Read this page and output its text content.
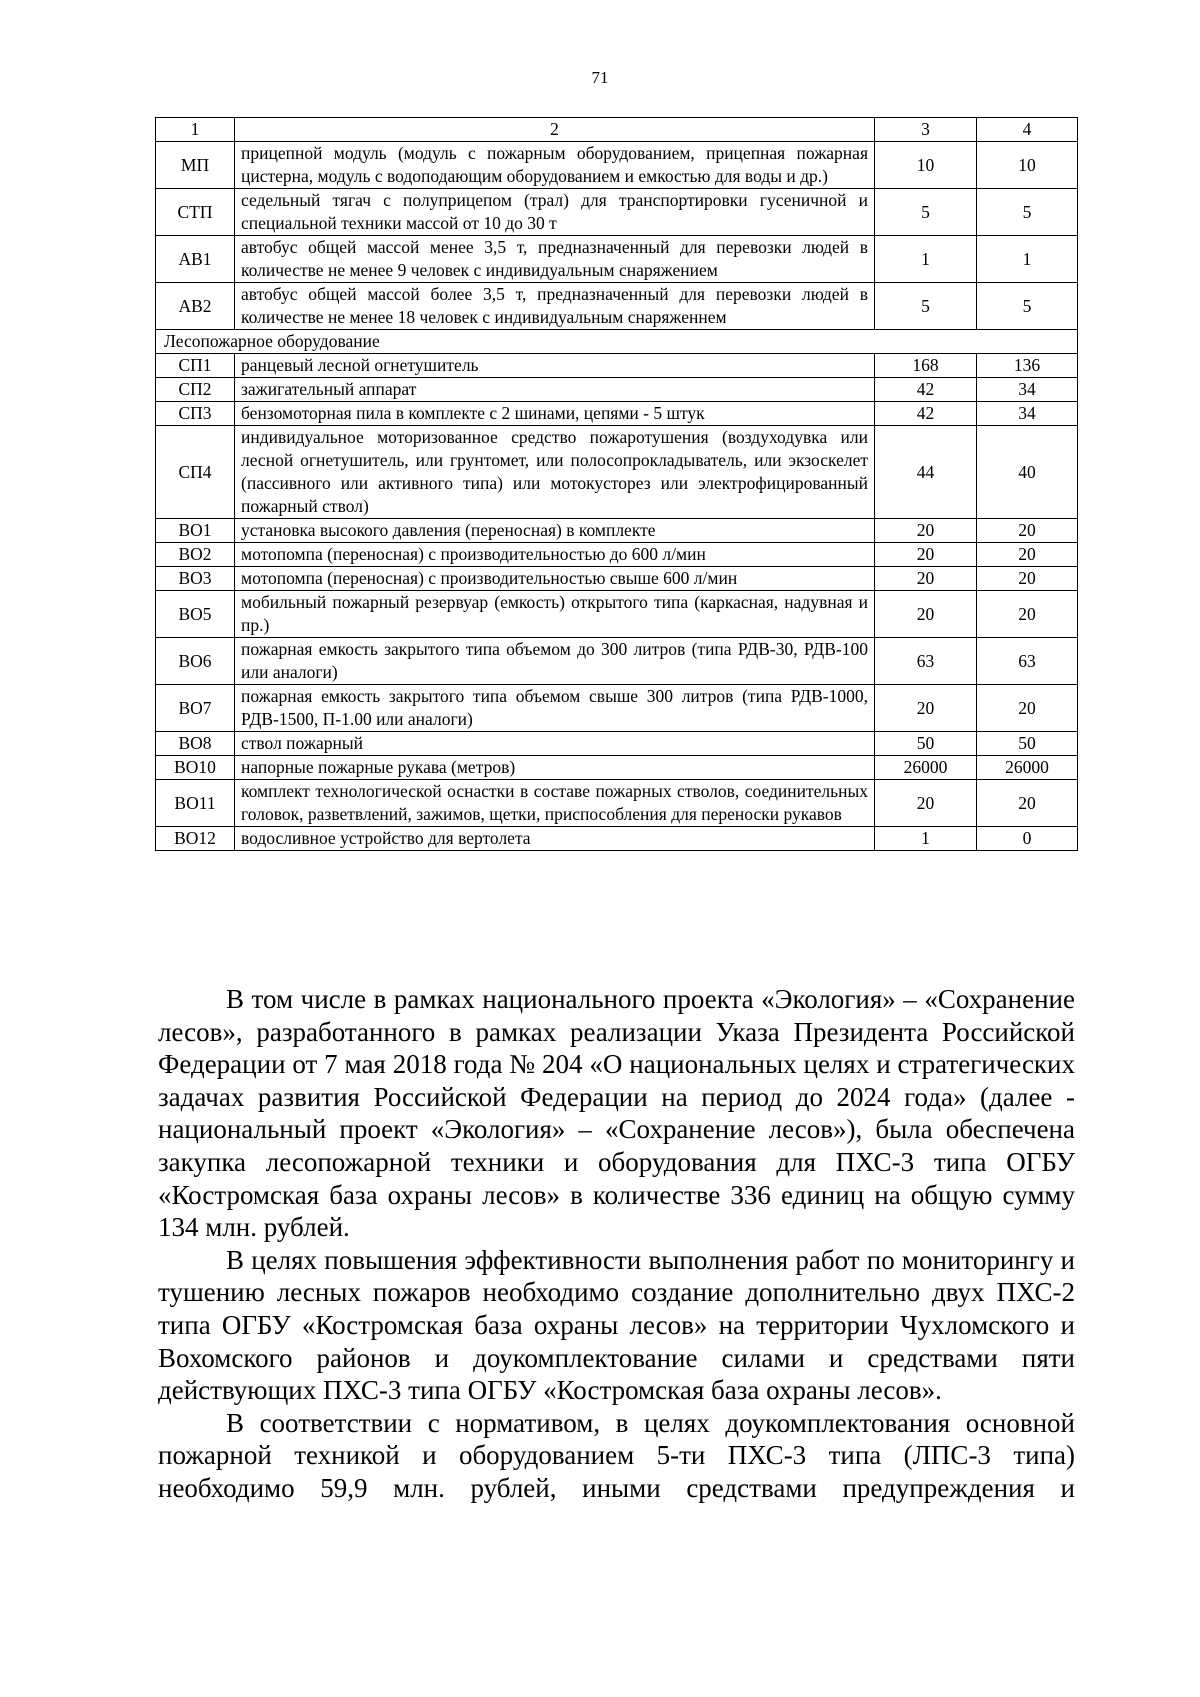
71
1	2	3	4
МП	прицепной модуль (модуль с пожарным оборудованием, прицепная пожарная цистерна, модуль с водоподающим оборудованием и емкостью для воды и др.)	10	10
СТП	седельный тягач с полуприцепом (трал) для транспортировки гусеничной и специальной техники массой от 10 до 30 т	5	5
АВ1	автобус общей массой менее 3,5 т, предназначенный для перевозки людей в количестве не менее 9 человек с индивидуальным снаряжением	1	1
АВ2	автобус общей массой более 3,5 т, предназначенный для перевозки людей в количестве не менее 18 человек с индивидуальным снаряженнем	5	5
Лесопожарное оборудование			
СП1	ранцевый лесной огнетушитель	168	136
СП2	зажигательный аппарат	42	34
СП3	бензомоторная пила в комплекте с 2 шинами, цепями - 5 штук	42	34
СП4	индивидуальное моторизованное средство пожаротушения (воздуходувка или лесной огнетушитель, или грунтомет, или полосопрокладыватель, или экзоскелет (пассивного или активного типа) или мотокусторез или электрофицированный пожарный ствол)	44	40
ВО1	установка высокого давления (переносная) в комплекте	20	20
ВО2	мотопомпа (переносная) с производительностью до 600 л/мин	20	20
ВО3	мотопомпа (переносная) с производительностью свыше 600 л/мин	20	20
ВО5	мобильный пожарный резервуар (емкость) открытого типа (каркасная, надувная и пр.)	20	20
ВО6	пожарная емкость закрытого типа объемом до 300 литров (типа РДВ-30, РДВ-100 или аналоги)	63	63
ВО7	пожарная емкость закрытого типа объемом свыше 300 литров (типа РДВ-1000, РДВ-1500, П-1.00 или аналоги)	20	20
ВО8	ствол пожарный	50	50
ВО10	напорные пожарные рукава (метров)	26000	26000
ВО11	комплект технологической оснастки в составе пожарных стволов, соединительных головок, разветвлений, зажимов, щетки, приспособления для переноски рукавов	20	20
ВО12	водосливное устройство для вертолета	1	0

В том числе в рамках национального проекта «Экология» – «Сохранение лесов», разработанного в рамках реализации Указа Президента Российской Федерации от 7 мая 2018 года № 204 «О национальных целях и стратегических задачах развития Российской Федерации на период до 2024 года» (далее - национальный проект «Экология» – «Сохранение лесов»), была обеспечена закупка лесопожарной техники и оборудования для ПХС-3 типа ОГБУ «Костромская база охраны лесов» в количестве 336 единиц на общую сумму 134 млн. рублей.

В целях повышения эффективности выполнения работ по мониторингу и тушению лесных пожаров необходимо создание дополнительно двух ПХС-2 типа ОГБУ «Костромская база охраны лесов» на территории Чухломского и Вохомского районов и доукомплектование силами и средствами пяти действующих ПХС-3 типа ОГБУ «Костромская база охраны лесов».

В соответствии с нормативом, в целях доукомплектования основной пожарной техникой и оборудованием 5-ти ПХС-3 типа (ЛПС-3 типа) необходимо 59,9 млн. рублей, иными средствами предупреждения и
